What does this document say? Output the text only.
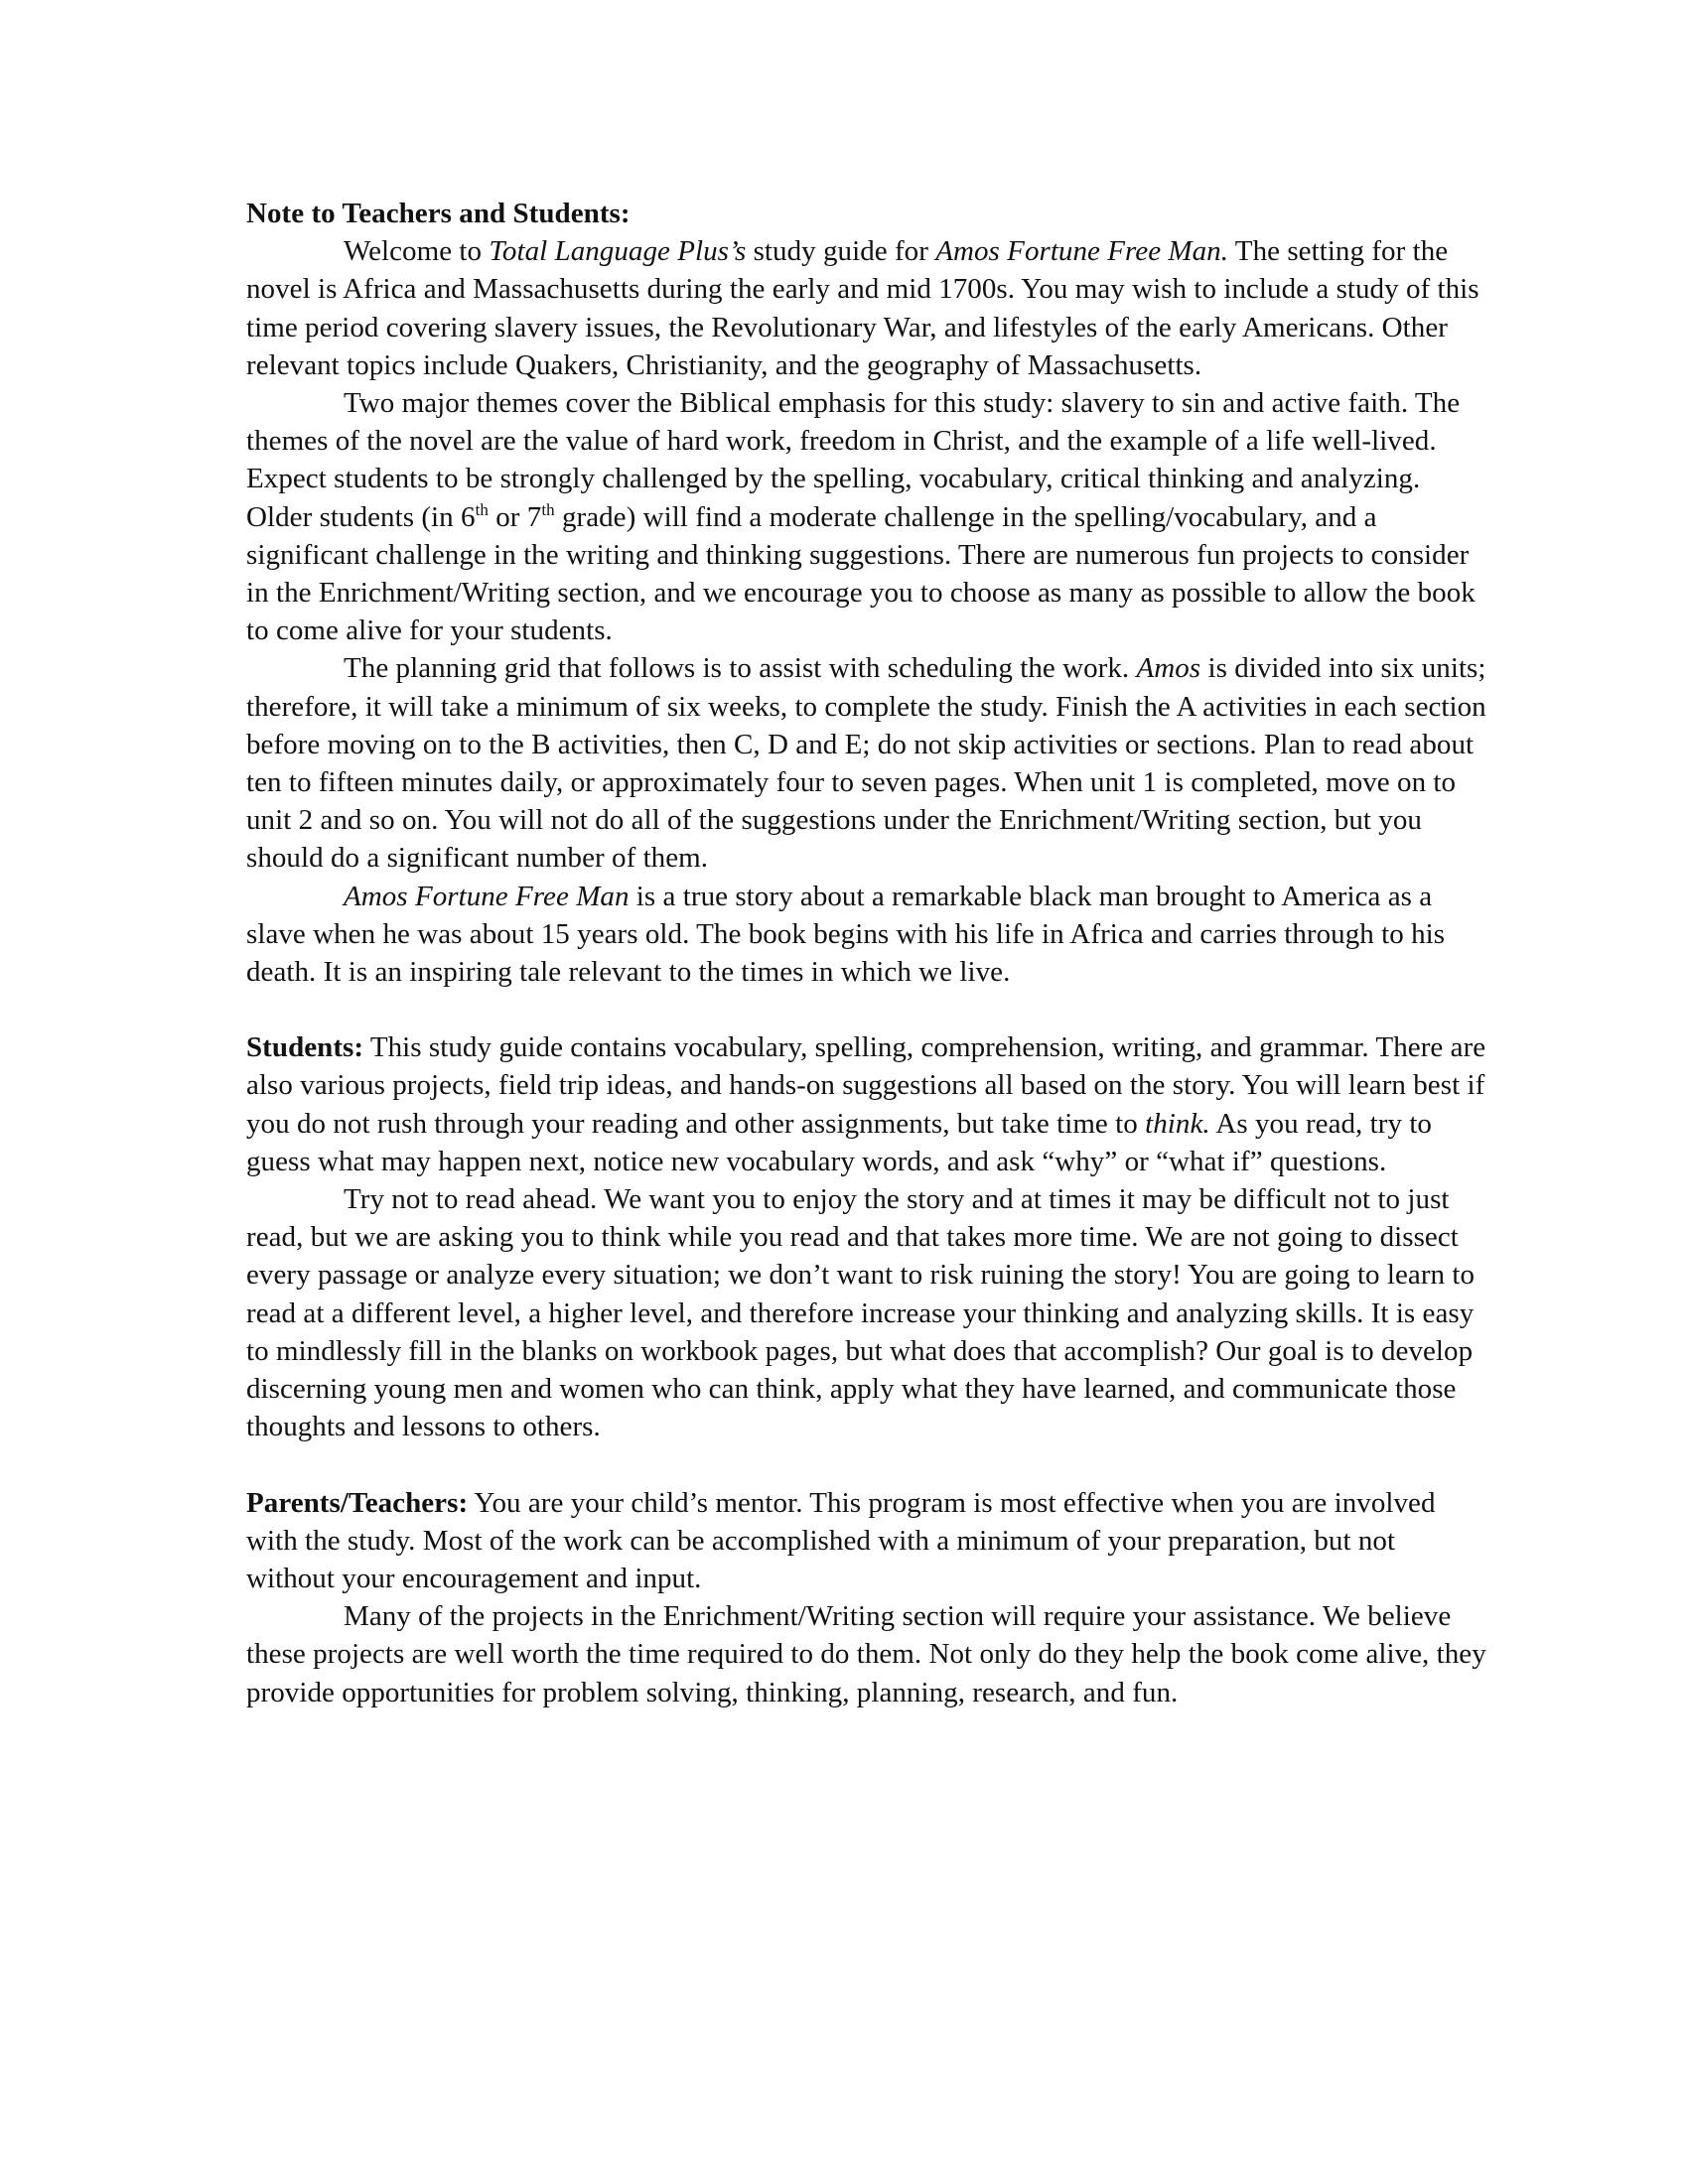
Note to Teachers and Students:

Welcome to Total Language Plus’s study guide for Amos Fortune Free Man. The setting for the novel is Africa and Massachusetts during the early and mid 1700s. You may wish to include a study of this time period covering slavery issues, the Revolutionary War, and lifestyles of the early Americans. Other relevant topics include Quakers, Christianity, and the geography of Massachusetts.

Two major themes cover the Biblical emphasis for this study: slavery to sin and active faith. The themes of the novel are the value of hard work, freedom in Christ, and the example of a life well-lived. Expect students to be strongly challenged by the spelling, vocabulary, critical thinking and analyzing. Older students (in 6th or 7th grade) will find a moderate challenge in the spelling/vocabulary, and a significant challenge in the writing and thinking suggestions. There are numerous fun projects to consider in the Enrichment/Writing section, and we encourage you to choose as many as possible to allow the book to come alive for your students.

The planning grid that follows is to assist with scheduling the work. Amos is divided into six units; therefore, it will take a minimum of six weeks, to complete the study. Finish the A activities in each section before moving on to the B activities, then C, D and E; do not skip activities or sections. Plan to read about ten to fifteen minutes daily, or approximately four to seven pages. When unit 1 is completed, move on to unit 2 and so on. You will not do all of the suggestions under the Enrichment/Writing section, but you should do a significant number of them.

Amos Fortune Free Man is a true story about a remarkable black man brought to America as a slave when he was about 15 years old. The book begins with his life in Africa and carries through to his death. It is an inspiring tale relevant to the times in which we live.

Students: This study guide contains vocabulary, spelling, comprehension, writing, and grammar. There are also various projects, field trip ideas, and hands-on suggestions all based on the story. You will learn best if you do not rush through your reading and other assignments, but take time to think. As you read, try to guess what may happen next, notice new vocabulary words, and ask “why” or “what if” questions.

Try not to read ahead. We want you to enjoy the story and at times it may be difficult not to just read, but we are asking you to think while you read and that takes more time. We are not going to dissect every passage or analyze every situation; we don’t want to risk ruining the story! You are going to learn to read at a different level, a higher level, and therefore increase your thinking and analyzing skills. It is easy to mindlessly fill in the blanks on workbook pages, but what does that accomplish? Our goal is to develop discerning young men and women who can think, apply what they have learned, and communicate those thoughts and lessons to others.

Parents/Teachers: You are your child’s mentor. This program is most effective when you are involved with the study. Most of the work can be accomplished with a minimum of your preparation, but not without your encouragement and input.

Many of the projects in the Enrichment/Writing section will require your assistance. We believe these projects are well worth the time required to do them. Not only do they help the book come alive, they provide opportunities for problem solving, thinking, planning, research, and fun.
